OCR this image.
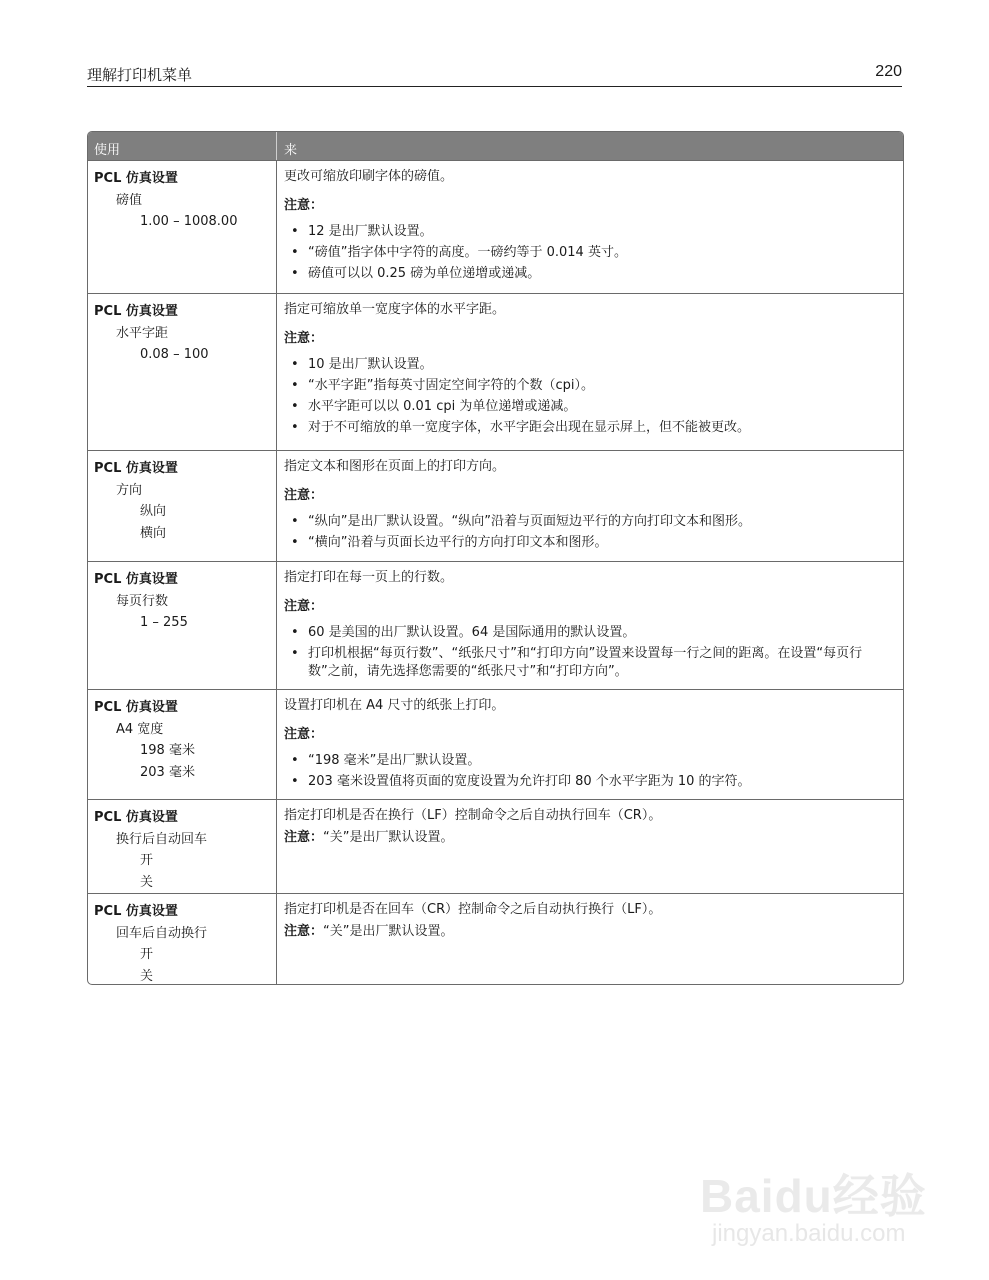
理解打印机菜单	220
使用	来
PCL 仿真设置
磅值
1.00 – 1008.00

更改可缩放印刷字体的磅值。

注意：

• 12 是出厂默认设置。
• “磅值”指字体中字符的高度。一磅约等于 0.014 英寸。
• 磅值可以以 0.25 磅为单位递增或递减。
PCL 仿真设置
水平字距
0.08 – 100

指定可缩放单一宽度字体的水平字距。

注意：

• 10 是出厂默认设置。
• “水平字距”指每英寸固定空间字符的个数（cpi）。
• 水平字距可以以 0.01 cpi 为单位递增或递减。
• 对于不可缩放的单一宽度字体，水平字距会出现在显示屏上，但不能被更改。
PCL 仿真设置
方向
纵向
横向

指定文本和图形在页面上的打印方向。

注意：

• “纵向”是出厂默认设置。“纵向”沿着与页面短边平行的方向打印文本和图形。
• “横向”沿着与页面长边平行的方向打印文本和图形。
PCL 仿真设置
每页行数
1 – 255

指定打印在每一页上的行数。

注意：

• 60 是美国的出厂默认设置。64 是国际通用的默认设置。
• 打印机根据“每页行数”、“纸张尺寸”和“打印方向”设置来设置每一行之间的距离。在设置“每页行数”之前，请先选择您需要的“纸张尺寸”和“打印方向”。
PCL 仿真设置
A4 宽度
198 毫米
203 毫米

设置打印机在 A4 尺寸的纸张上打印。

注意：

• “198 毫米”是出厂默认设置。
• 203 毫米设置值将页面的宽度设置为允许打印 80 个水平字距为 10 的字符。
PCL 仿真设置
换行后自动回车
开
关

指定打印机是否在换行（LF）控制命令之后自动执行回车（CR）。

注意：“关”是出厂默认设置。

PCL 仿真设置
回车后自动换行
开
关

指定打印机是否在回车（CR）控制命令之后自动执行换行（LF）。

注意：“关”是出厂默认设置。

Baidu经验
jingyan.baidu.com
